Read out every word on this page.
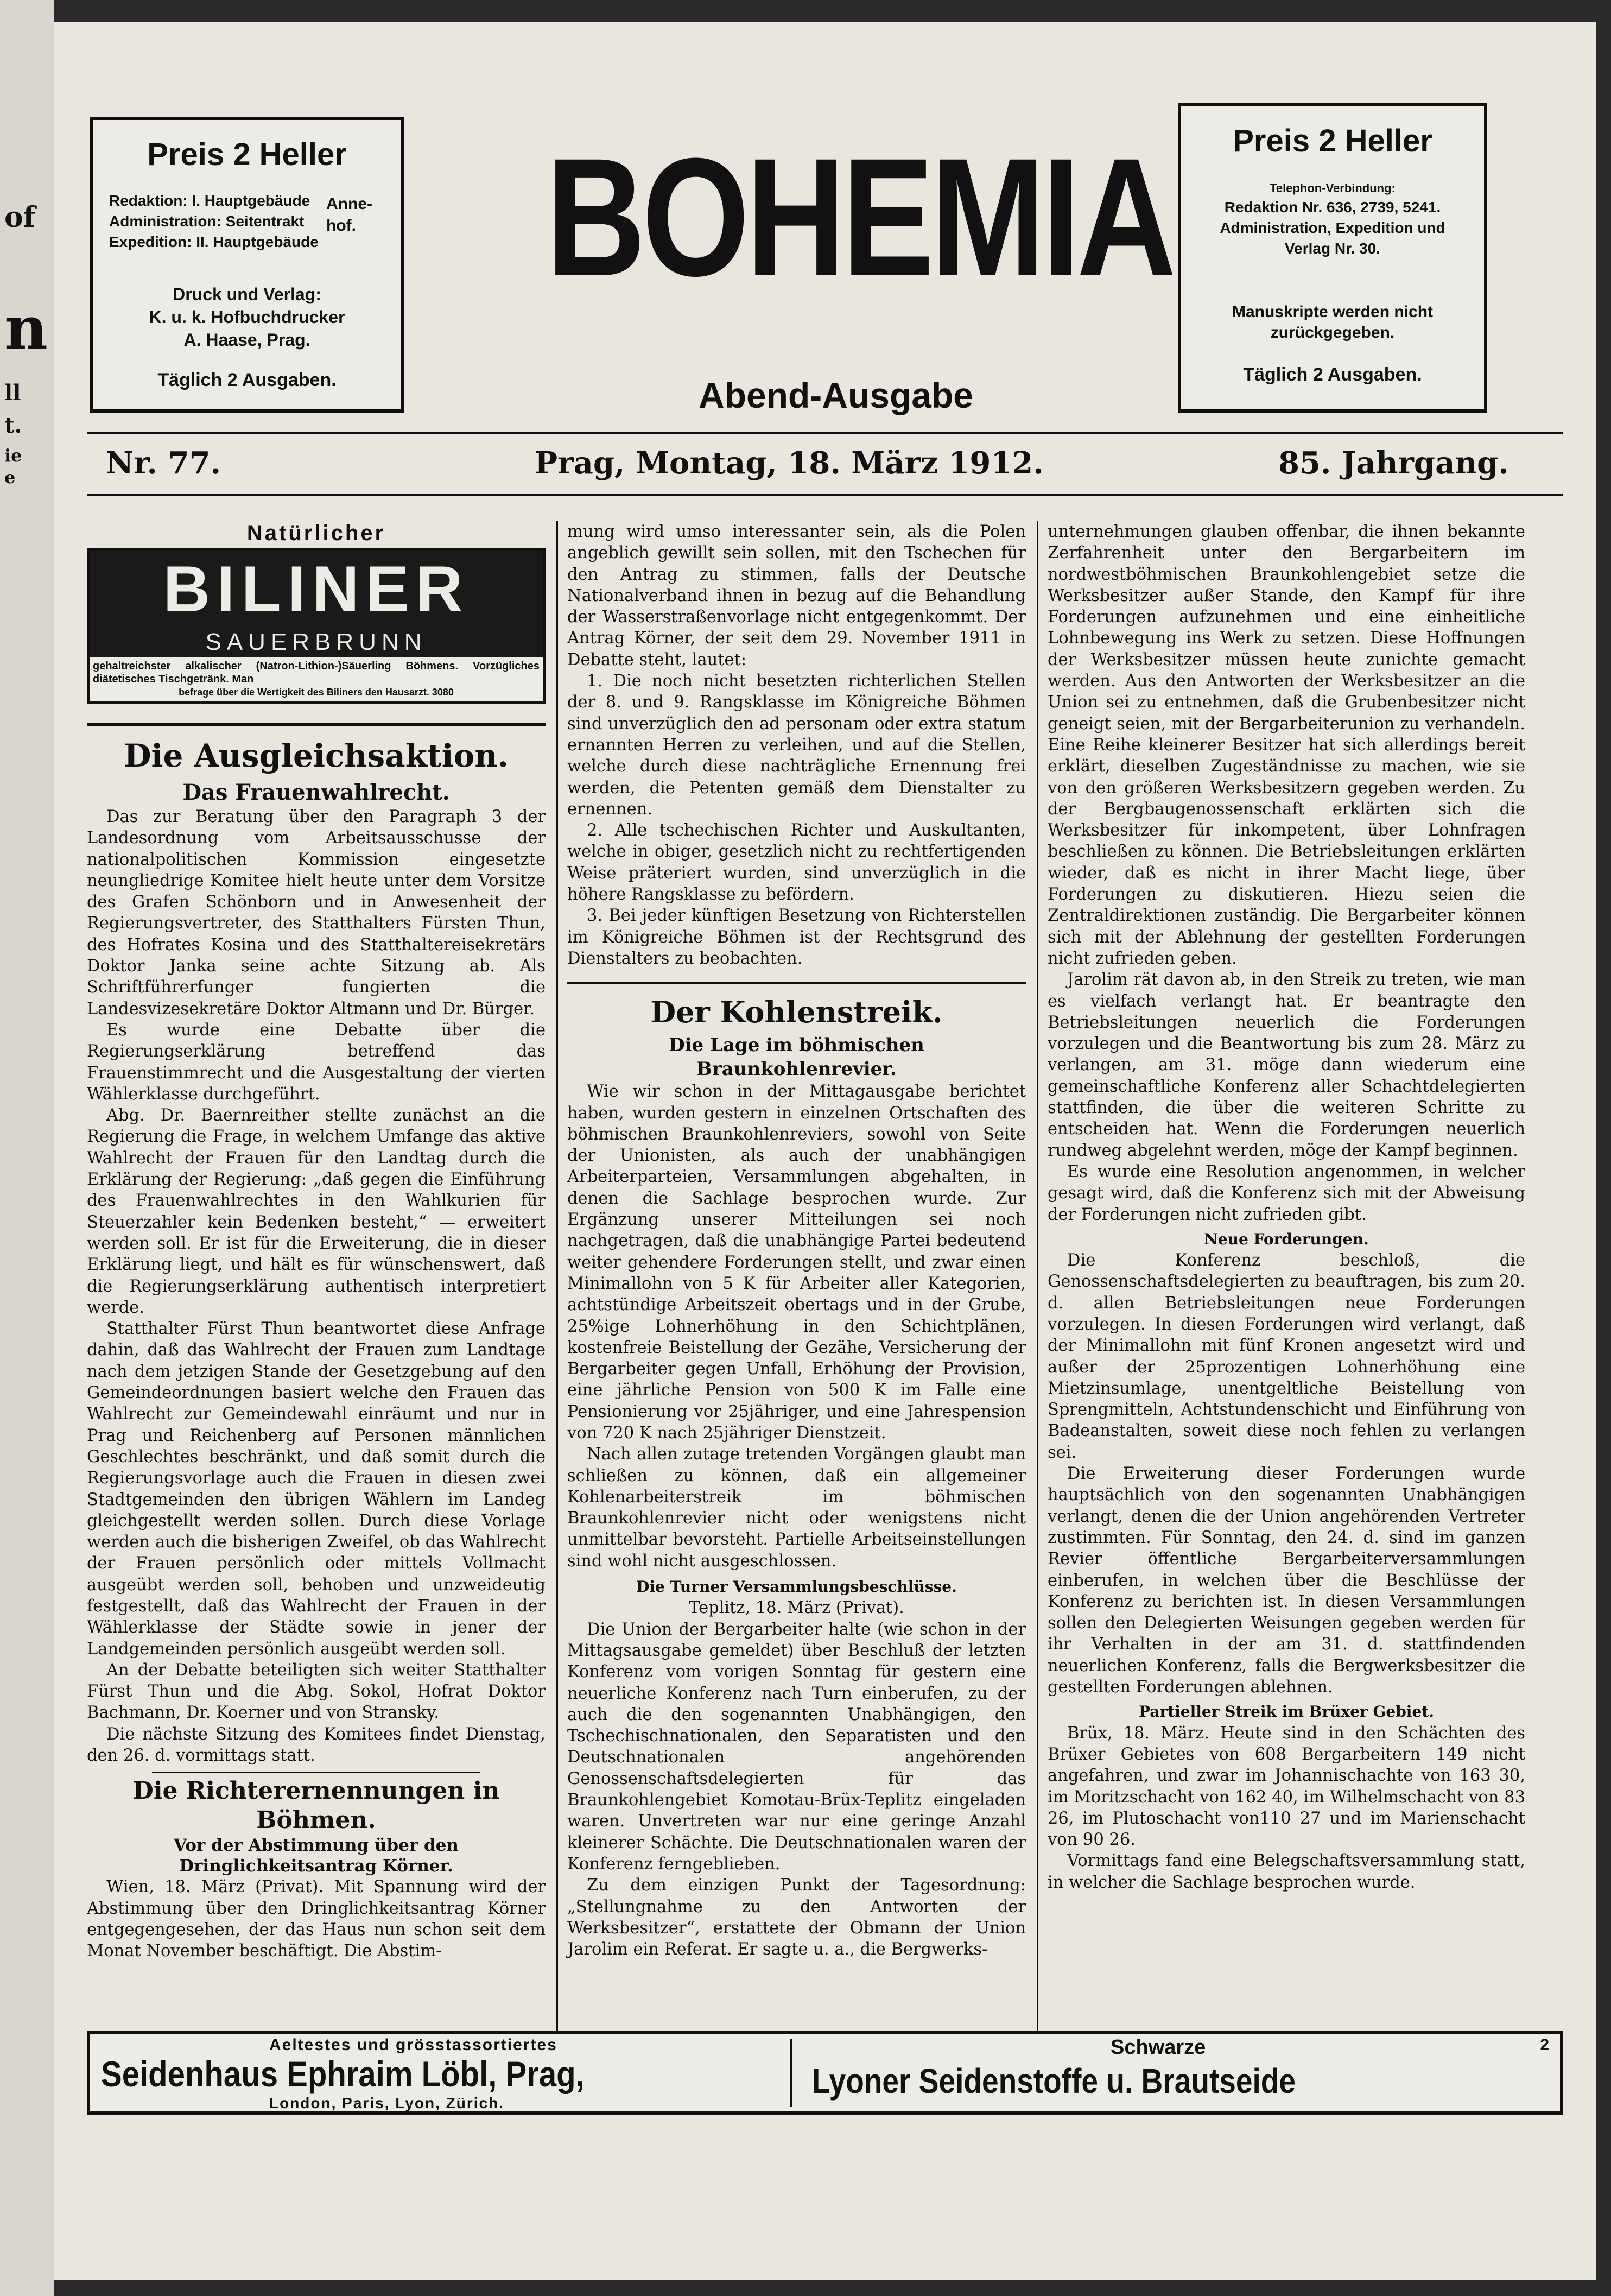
of
n
ll
t.
ie
e
Preis 2 Heller
Redaktion: I. Hauptgebäude
Administration: Seitentrakt
Expedition: II. Hauptgebäude
Anne-hof.
Druck und Verlag:
K. u. k. Hofbuchdrucker
A. Haase, Prag.
Täglich 2 Ausgaben.
BOHEMIA
Abend-Ausgabe
Preis 2 Heller
Telephon-Verbindung:
Redaktion Nr. 636, 2739, 5241.
Administration, Expedition und
Verlag Nr. 30.
Manuskripte werden nicht
zurückgegeben.
Täglich 2 Ausgaben.
Nr. 77.	Prag, Montag, 18. März 1912.	85. Jahrgang.
Natürlicher
BILINER
SAUERBRUNN
gehaltreichster alkalischer (Natron-Lithion-)Säuerling Böhmens. Vorzügliches diätetisches Tischgetränk. Man
befrage über die Wertigkeit des Biliners den Hausarzt. 3080

Die Ausgleichsaktion.

Das Frauenwahlrecht.

Das zur Beratung über den Paragraph 3 der Landesordnung vom Arbeitsausschusse der nationalpolitischen Kommission eingesetzte neungliedrige Komitee hielt heute unter dem Vorsitze des Grafen Schönborn und in Anwesenheit der Regierungsvertreter, des Statthalters Fürsten Thun, des Hofrates Kosina und des Statthaltereisekretärs Doktor Janka seine achte Sitzung ab. Als Schriftführerfunger fungierten die Landesvizesekretäre Doktor Altmann und Dr. Bürger.

Es wurde eine Debatte über die Regierungserklärung betreffend das Frauenstimmrecht und die Ausgestaltung der vierten Wählerklasse durchgeführt.

Abg. Dr. Baernreither stellte zunächst an die Regierung die Frage, in welchem Umfange das aktive Wahlrecht der Frauen für den Landtag durch die Erklärung der Regierung: „daß gegen die Einführung des Frauenwahlrechtes in den Wahlkurien für Steuerzahler kein Bedenken besteht,“ — erweitert werden soll. Er ist für die Erweiterung, die in dieser Erklärung liegt, und hält es für wünschenswert, daß die Regierungserklärung authentisch interpretiert werde.

Statthalter Fürst Thun beantwortet diese Anfrage dahin, daß das Wahlrecht der Frauen zum Landtage nach dem jetzigen Stande der Gesetzgebung auf den Gemeindeordnungen basiert welche den Frauen das Wahlrecht zur Gemeindewahl einräumt und nur in Prag und Reichenberg auf Personen männlichen Geschlechtes beschränkt, und daß somit durch die Regierungsvorlage auch die Frauen in diesen zwei Stadtgemeinden den übrigen Wählern im Landeg gleichgestellt werden sollen. Durch diese Vorlage werden auch die bisherigen Zweifel, ob das Wahlrecht der Frauen persönlich oder mittels Vollmacht ausgeübt werden soll, behoben und unzweideutig festgestellt, daß das Wahlrecht der Frauen in der Wählerklasse der Städte sowie in jener der Landgemeinden persönlich ausgeübt werden soll.

An der Debatte beteiligten sich weiter Statthalter Fürst Thun und die Abg. Sokol, Hofrat Doktor Bachmann, Dr. Koerner und von Stransky.

Die nächste Sitzung des Komitees findet Dienstag, den 26. d. vormittags statt.

Die Richterernennungen in Böhmen.

Vor der Abstimmung über den Dringlichkeitsantrag Körner.

Wien, 18. März (Privat). Mit Spannung wird der Abstimmung über den Dringlichkeitsantrag Körner entgegengesehen, der das Haus nun schon seit dem Monat November beschäftigt. Die Abstim-

mung wird umso interessanter sein, als die Polen angeblich gewillt sein sollen, mit den Tschechen für den Antrag zu stimmen, falls der Deutsche Nationalverband ihnen in bezug auf die Behandlung der Wasserstraßenvorlage nicht entgegenkommt. Der Antrag Körner, der seit dem 29. November 1911 in Debatte steht, lautet:

1. Die noch nicht besetzten richterlichen Stellen der 8. und 9. Rangsklasse im Königreiche Böhmen sind unverzüglich den ad personam oder extra statum ernannten Herren zu verleihen, und auf die Stellen, welche durch diese nachträgliche Ernennung frei werden, die Petenten gemäß dem Dienstalter zu ernennen.

2. Alle tschechischen Richter und Auskultanten, welche in obiger, gesetzlich nicht zu rechtfertigenden Weise präteriert wurden, sind unverzüglich in die höhere Rangsklasse zu befördern.

3. Bei jeder künftigen Besetzung von Richterstellen im Königreiche Böhmen ist der Rechtsgrund des Dienstalters zu beobachten.

Der Kohlenstreik.

Die Lage im böhmischen Braunkohlenrevier.

Wie wir schon in der Mittagausgabe berichtet haben, wurden gestern in einzelnen Ortschaften des böhmischen Braunkohlenreviers, sowohl von Seite der Unionisten, als auch der unabhängigen Arbeiterparteien, Versammlungen abgehalten, in denen die Sachlage besprochen wurde. Zur Ergänzung unserer Mitteilungen sei noch nachgetragen, daß die unabhängige Partei bedeutend weiter gehendere Forderungen stellt, und zwar einen Minimallohn von 5 K für Arbeiter aller Kategorien, achtstündige Arbeitszeit obertags und in der Grube, 25%ige Lohnerhöhung in den Schichtplänen, kostenfreie Beistellung der Gezähe, Versicherung der Bergarbeiter gegen Unfall, Erhöhung der Provision, eine jährliche Pension von 500 K im Falle eine Pensionierung vor 25jähriger, und eine Jahrespension von 720 K nach 25jähriger Dienstzeit.

Nach allen zutage tretenden Vorgängen glaubt man schließen zu können, daß ein allgemeiner Kohlenarbeiterstreik im böhmischen Braunkohlenrevier nicht oder wenigstens nicht unmittelbar bevorsteht. Partielle Arbeitseinstellungen sind wohl nicht ausgeschlossen.

Die Turner Versammlungsbeschlüsse.

Teplitz, 18. März (Privat).

Die Union der Bergarbeiter halte (wie schon in der Mittagsausgabe gemeldet) über Beschluß der letzten Konferenz vom vorigen Sonntag für gestern eine neuerliche Konferenz nach Turn einberufen, zu der auch die den sogenannten Unabhängigen, den Tschechischnationalen, den Separatisten und den Deutschnationalen angehörenden Genossenschaftsdelegierten für das Braunkohlengebiet Komotau-Brüx-Teplitz eingeladen waren. Unvertreten war nur eine geringe Anzahl kleinerer Schächte. Die Deutschnationalen waren der Konferenz ferngeblieben.

Zu dem einzigen Punkt der Tagesordnung: „Stellungnahme zu den Antworten der Werksbesitzer“, erstattete der Obmann der Union Jarolim ein Referat. Er sagte u. a., die Bergwerks-

unternehmungen glauben offenbar, die ihnen bekannte Zerfahrenheit unter den Bergarbeitern im nordwestböhmischen Braunkohlengebiet setze die Werksbesitzer außer Stande, den Kampf für ihre Forderungen aufzunehmen und eine einheitliche Lohnbewegung ins Werk zu setzen. Diese Hoffnungen der Werksbesitzer müssen heute zunichte gemacht werden. Aus den Antworten der Werksbesitzer an die Union sei zu entnehmen, daß die Grubenbesitzer nicht geneigt seien, mit der Bergarbeiterunion zu verhandeln. Eine Reihe kleinerer Besitzer hat sich allerdings bereit erklärt, dieselben Zugeständnisse zu machen, wie sie von den größeren Werksbesitzern gegeben werden. Zu der Bergbaugenossenschaft erklärten sich die Werksbesitzer für inkompetent, über Lohnfragen beschließen zu können. Die Betriebsleitungen erklärten wieder, daß es nicht in ihrer Macht liege, über Forderungen zu diskutieren. Hiezu seien die Zentraldirektionen zuständig. Die Bergarbeiter können sich mit der Ablehnung der gestellten Forderungen nicht zufrieden geben.

Jarolim rät davon ab, in den Streik zu treten, wie man es vielfach verlangt hat. Er beantragte den Betriebsleitungen neuerlich die Forderungen vorzulegen und die Beantwortung bis zum 28. März zu verlangen, am 31. möge dann wiederum eine gemeinschaftliche Konferenz aller Schachtdelegierten stattfinden, die über die weiteren Schritte zu entscheiden hat. Wenn die Forderungen neuerlich rundweg abgelehnt werden, möge der Kampf beginnen.

Es wurde eine Resolution angenommen, in welcher gesagt wird, daß die Konferenz sich mit der Abweisung der Forderungen nicht zufrieden gibt.

Neue Forderungen.

Die Konferenz beschloß, die Genossenschaftsdelegierten zu beauftragen, bis zum 20. d. allen Betriebsleitungen neue Forderungen vorzulegen. In diesen Forderungen wird verlangt, daß der Minimallohn mit fünf Kronen angesetzt wird und außer der 25prozentigen Lohnerhöhung eine Mietzinsumlage, unentgeltliche Beistellung von Sprengmitteln, Achtstundenschicht und Einführung von Badeanstalten, soweit diese noch fehlen zu verlangen sei.

Die Erweiterung dieser Forderungen wurde hauptsächlich von den sogenannten Unabhängigen verlangt, denen die der Union angehörenden Vertreter zustimmten. Für Sonntag, den 24. d. sind im ganzen Revier öffentliche Bergarbeiterversammlungen einberufen, in welchen über die Beschlüsse der Konferenz zu berichten ist. In diesen Versammlungen sollen den Delegierten Weisungen gegeben werden für ihr Verhalten in der am 31. d. stattfindenden neuerlichen Konferenz, falls die Bergwerksbesitzer die gestellten Forderungen ablehnen.

Partieller Streik im Brüxer Gebiet.

Brüx, 18. März. Heute sind in den Schächten des Brüxer Gebietes von 608 Bergarbeitern 149 nicht angefahren, und zwar im Johannischachte von 163 30, im Moritzschacht von 162 40, im Wilhelmschacht von 83 26, im Plutoschacht von110 27 und im Marienschacht von 90 26.

Vormittags fand eine Belegschaftsversammlung statt, in welcher die Sachlage besprochen wurde.

Aeltestes und grösstassortiertes
Seidenhaus Ephraim Löbl, Prag,
London, Paris, Lyon, Zürich.
Schwarze
Lyoner Seidenstoffe u. Brautseide
2
